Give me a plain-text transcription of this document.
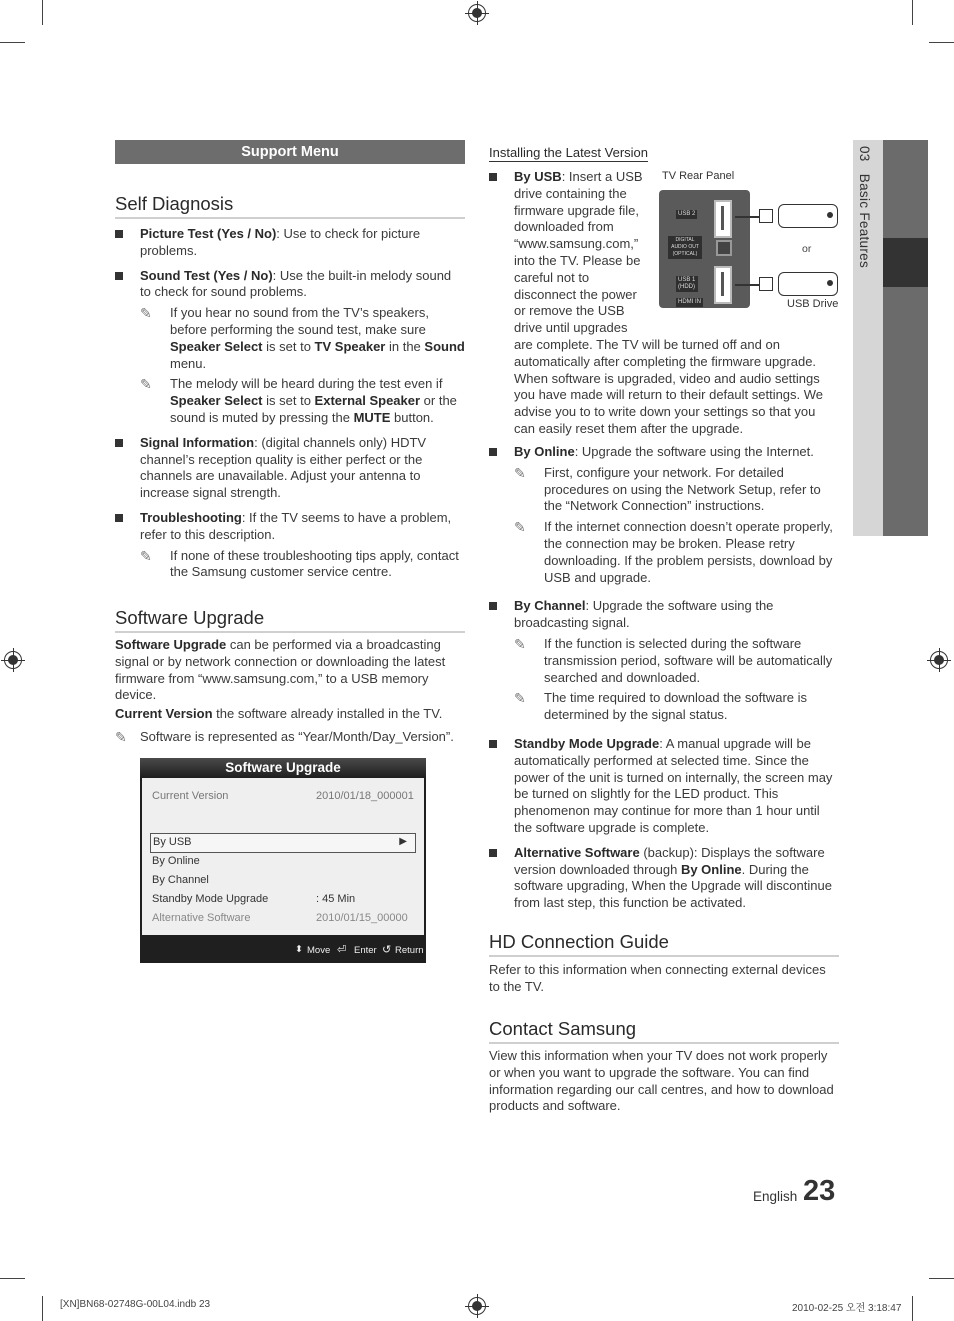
03   Basic Features
Support Menu
Self Diagnosis
Picture Test (Yes / No): Use to check for picture problems.
Sound Test (Yes / No): Use the built-in melody sound to check for sound problems.
✎ If you hear no sound from the TV’s speakers, before performing the sound test, make sure Speaker Select is set to TV Speaker in the Sound menu.
✎ The melody will be heard during the test even if Speaker Select is set to External Speaker or the sound is muted by pressing the MUTE button.
Signal Information: (digital channels only) HDTV channel’s reception quality is either perfect or the channels are unavailable. Adjust your antenna to increase signal strength.
Troubleshooting: If the TV seems to have a problem, refer to this description.
✎ If none of these troubleshooting tips apply, contact the Samsung customer service centre.
Software Upgrade

Software Upgrade can be performed via a broadcasting signal or by network connection or downloading the latest firmware from “www.samsung.com,” to a USB memory device.

Current Version the software already installed in the TV.

✎ Software is represented as “Year/Month/Day_Version”.
Software Upgrade
Current Version	2010/01/18_000001
By USB	▶
By Online
By Channel
Standby Mode Upgrade	: 45 Min
Alternative Software	2010/01/15_00000
⬍ Move ⏎ Enter ↺ Return
Installing the Latest Version
TV Rear Panel
USB 2
DIGITAL AUDIO OUT (OPTICAL)
USB 1 (HDD)
HDMI IN
or
USB Drive
By USB: Insert a USB drive containing the firmware upgrade file, downloaded from “www.samsung.com,” into the TV. Please be careful not to disconnect the power or remove the USB drive until upgrades are complete. The TV will be turned off and on automatically after completing the firmware upgrade. When software is upgraded, video and audio settings you have made will return to their default settings. We advise you to to write down your settings so that you can easily reset them after the upgrade.
By Online: Upgrade the software using the Internet.
✎ First, configure your network. For detailed procedures on using the Network Setup, refer to the “Network Connection” instructions.
✎ If the internet connection doesn’t operate properly, the connection may be broken. Please retry downloading. If the problem persists, download by USB and upgrade.
By Channel: Upgrade the software using the broadcasting signal.
✎ If the function is selected during the software transmission period, software will be automatically searched and downloaded.
✎ The time required to download the software is determined by the signal status.
Standby Mode Upgrade: A manual upgrade will be automatically performed at selected time. Since the power of the unit is turned on internally, the screen may be turned on slightly for the LED product. This phenomenon may continue for more than 1 hour until the software upgrade is complete.
Alternative Software (backup): Displays the software version downloaded through By Online. During the software upgrading, When the Upgrade will discontinue from last step, this function be activated.
HD Connection Guide
Refer to this information when connecting external devices to the TV.
Contact Samsung
View this information when your TV does not work properly or when you want to upgrade the software. You can find information regarding our call centres, and how to download products and software.
English 23
[XN]BN68-02748G-00L04.indb 23	2010-02-25 오전 3:18:47
